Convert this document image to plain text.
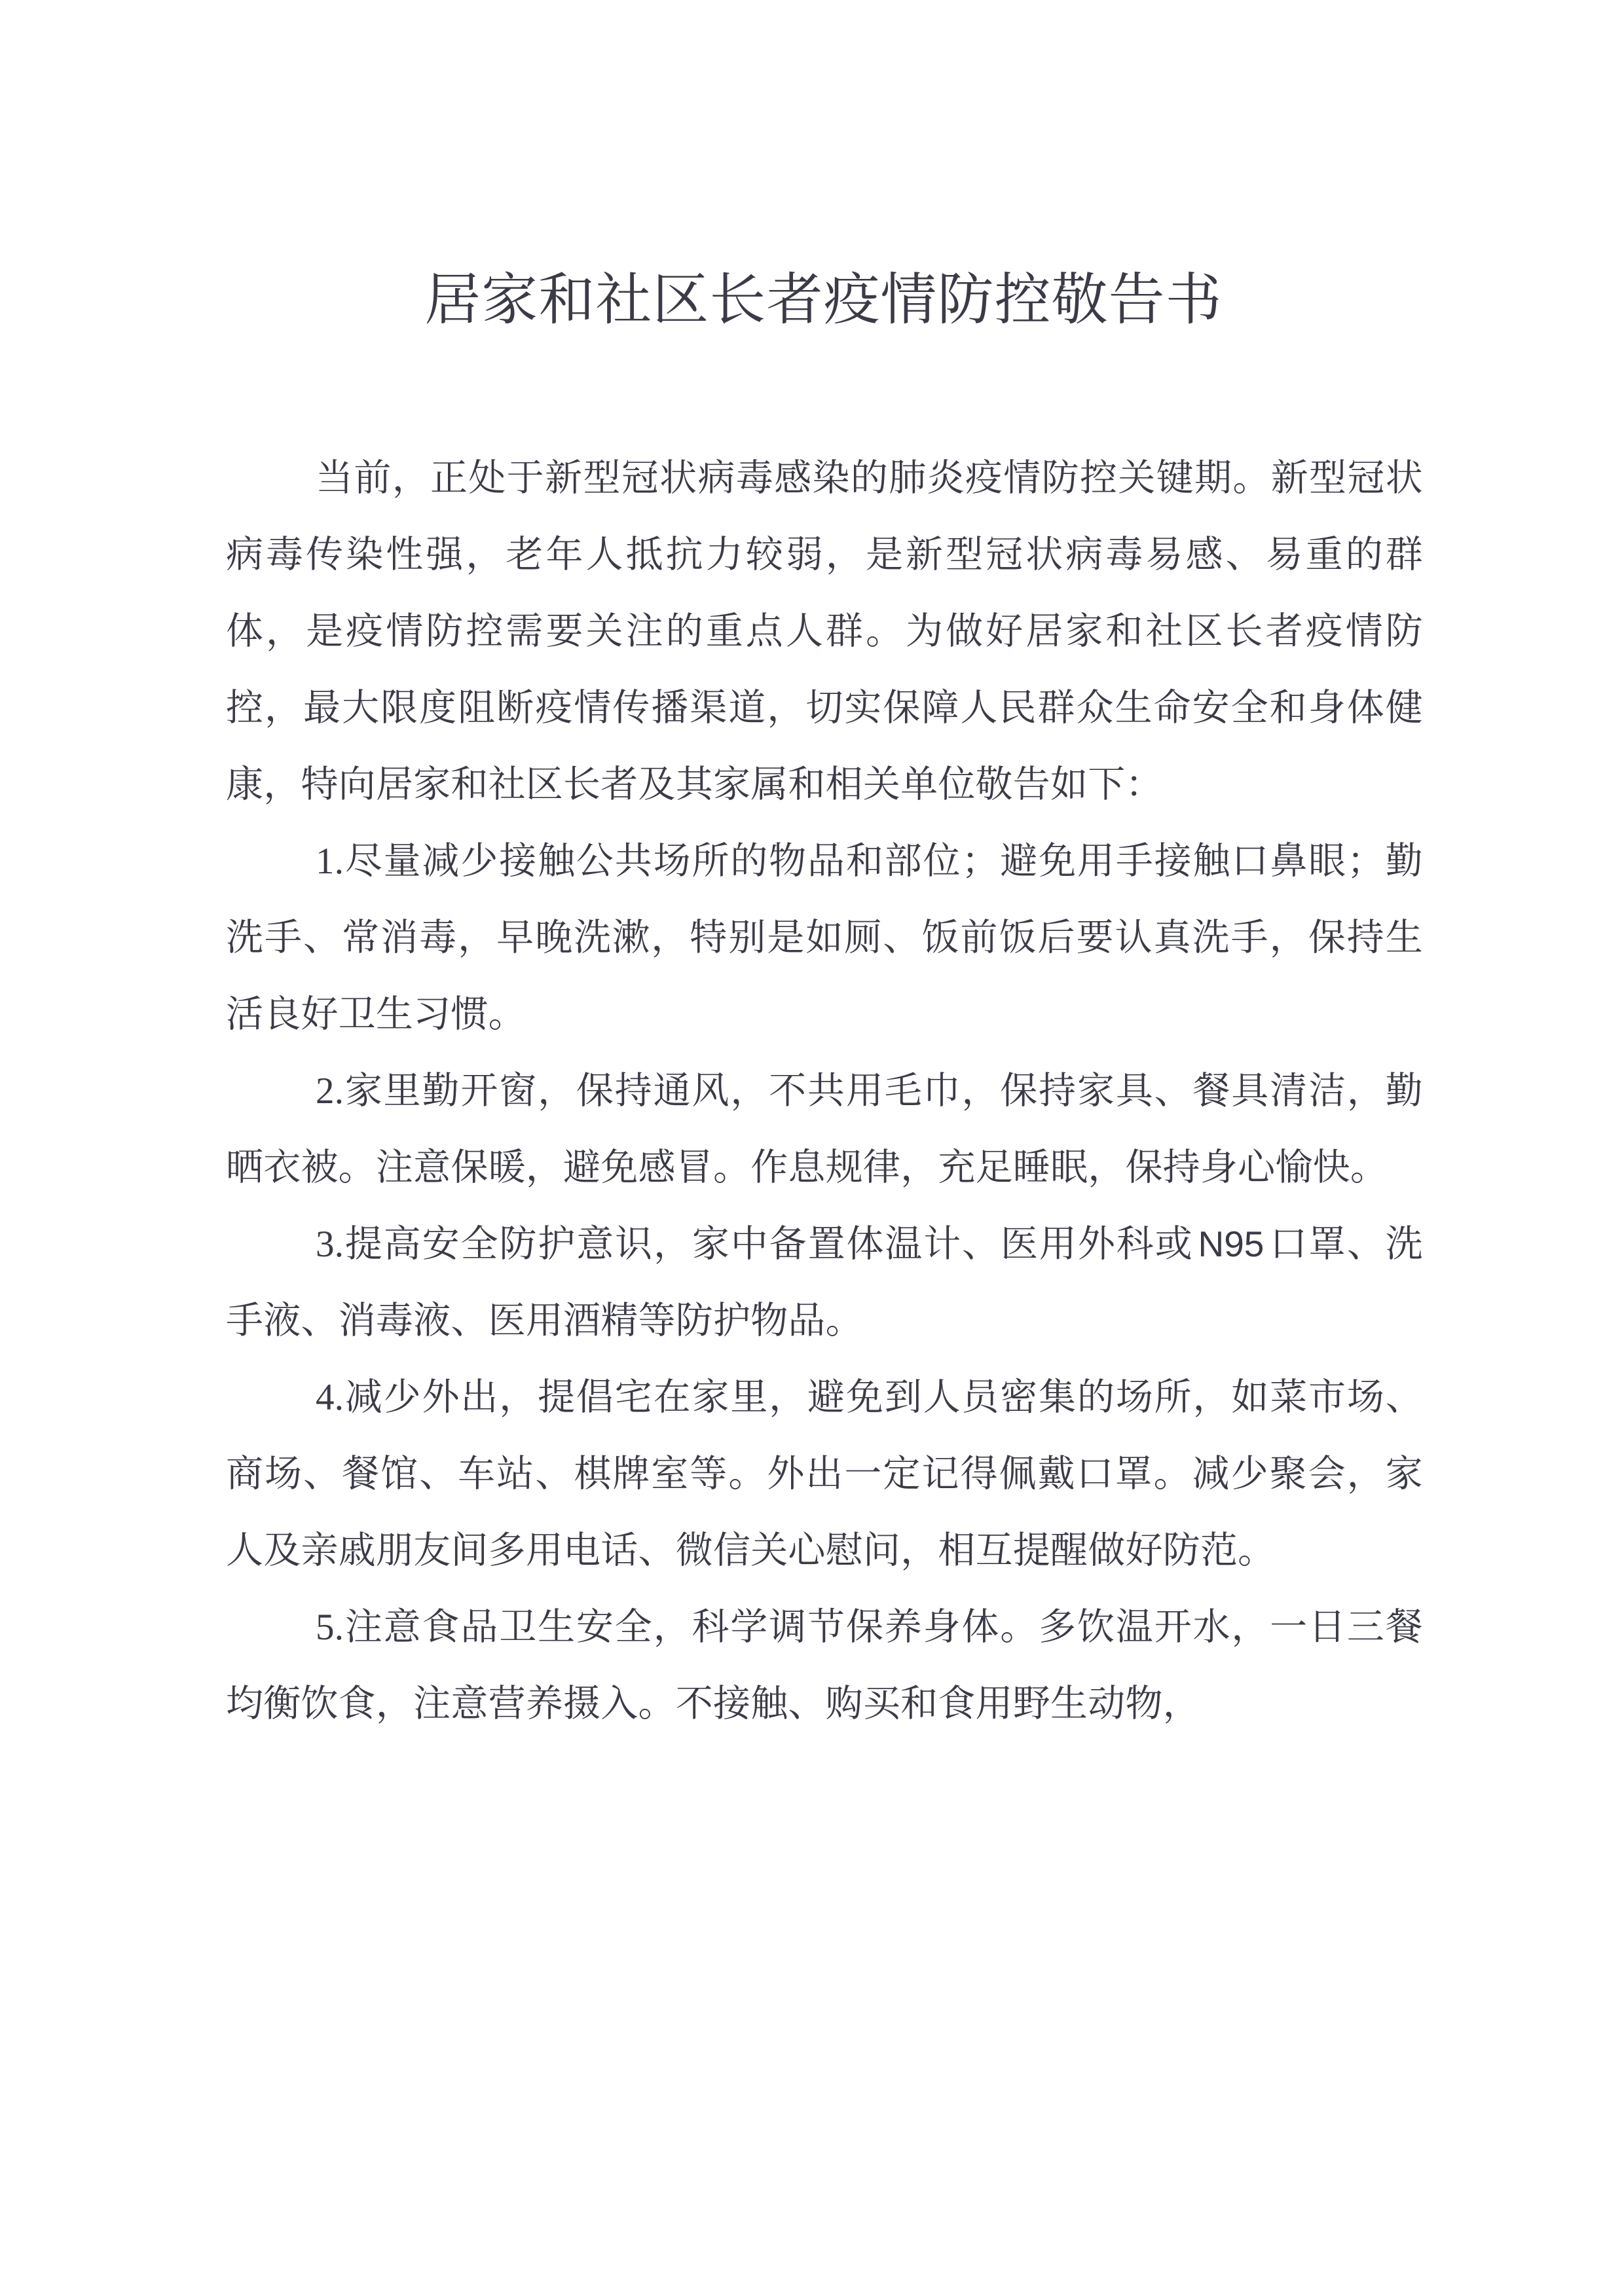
居家和社区长者疫情防控敬告书

当前，正处于新型冠状病毒感染的肺炎疫情防控关键期。新型冠状病毒传染性强，老年人抵抗力较弱，是新型冠状病毒易感、易重的群体，是疫情防控需要关注的重点人群。为做好居家和社区长者疫情防控，最大限度阻断疫情传播渠道，切实保障人民群众生命安全和身体健康，特向居家和社区长者及其家属和相关单位敬告如下：

1.尽量减少接触公共场所的物品和部位；避免用手接触口鼻眼；勤洗手、常消毒，早晚洗漱，特别是如厕、饭前饭后要认真洗手，保持生活良好卫生习惯。

2.家里勤开窗，保持通风，不共用毛巾，保持家具、餐具清洁，勤晒衣被。注意保暖，避免感冒。作息规律，充足睡眠，保持身心愉快。

3.提高安全防护意识，家中备置体温计、医用外科或 N95 口罩、洗手液、消毒液、医用酒精等防护物品。

4.减少外出，提倡宅在家里，避免到人员密集的场所，如菜市场、商场、餐馆、车站、棋牌室等。外出一定记得佩戴口罩。减少聚会，家人及亲戚朋友间多用电话、微信关心慰问，相互提醒做好防范。

5.注意食品卫生安全，科学调节保养身体。多饮温开水，一日三餐均衡饮食，注意营养摄入。不接触、购买和食用野生动物，
